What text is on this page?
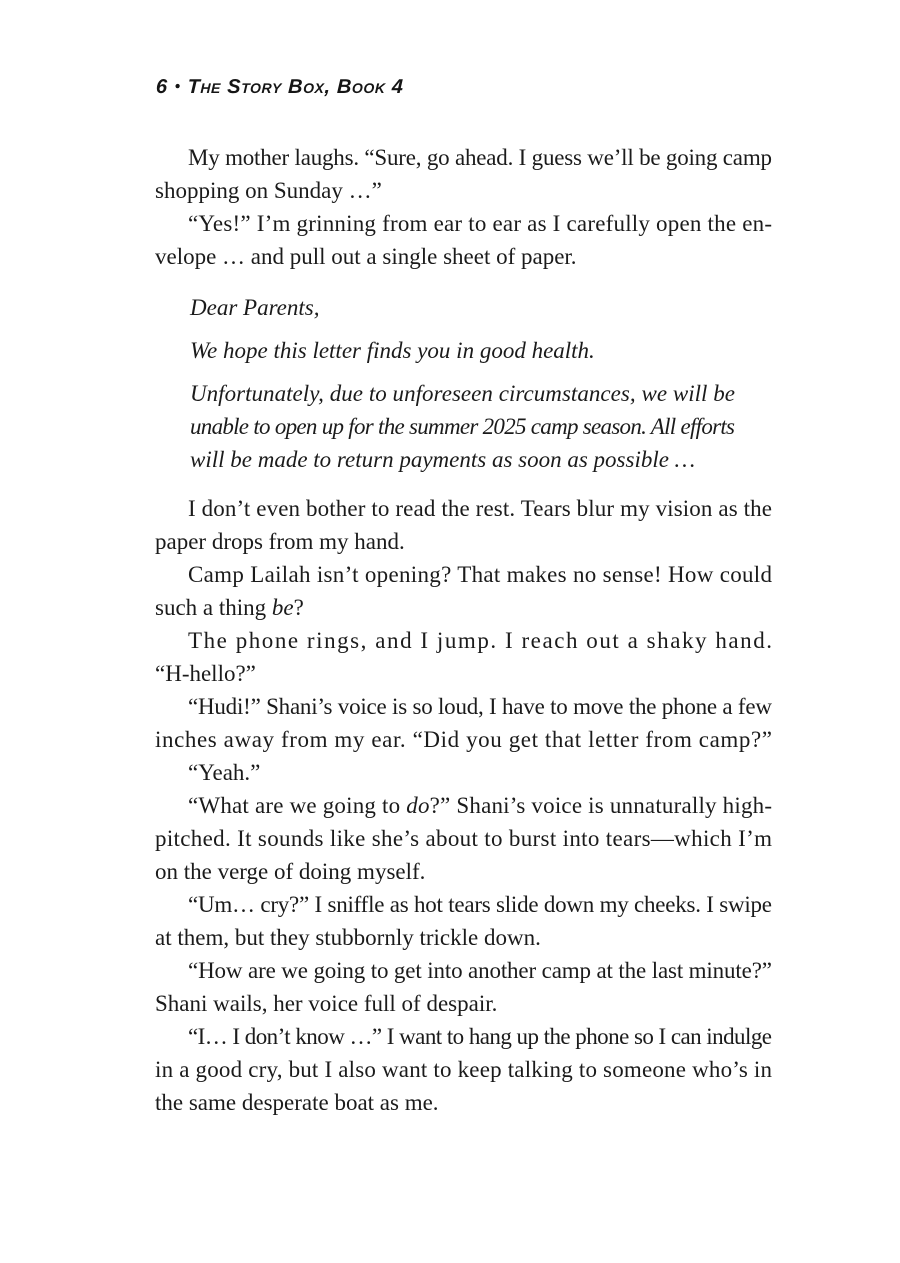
6 • The Story Box, Book 4
My mother laughs. “Sure, go ahead. I guess we’ll be going camp
shopping on Sunday …”
“Yes!” I’m grinning from ear to ear as I carefully open the en-
velope … and pull out a single sheet of paper.
Dear Parents,
We hope this letter finds you in good health.
Unfortunately, due to unforeseen circumstances, we will be
unable to open up for the summer 2025 camp season. All efforts
will be made to return payments as soon as possible …
I don’t even bother to read the rest. Tears blur my vision as the
paper drops from my hand.
Camp Lailah isn’t opening? That makes no sense! How could
such a thing be?
The phone rings, and I jump. I reach out a shaky hand.
“H-hello?”
“Hudi!” Shani’s voice is so loud, I have to move the phone a few
inches away from my ear. “Did you get that letter from camp?”
“Yeah.”
“What are we going to do?” Shani’s voice is unnaturally high-
pitched. It sounds like she’s about to burst into tears—which I’m
on the verge of doing myself.
“Um… cry?” I sniffle as hot tears slide down my cheeks. I swipe
at them, but they stubbornly trickle down.
“How are we going to get into another camp at the last minute?”
Shani wails, her voice full of despair.
“I… I don’t know …” I want to hang up the phone so I can indulge
in a good cry, but I also want to keep talking to someone who’s in
the same desperate boat as me.
